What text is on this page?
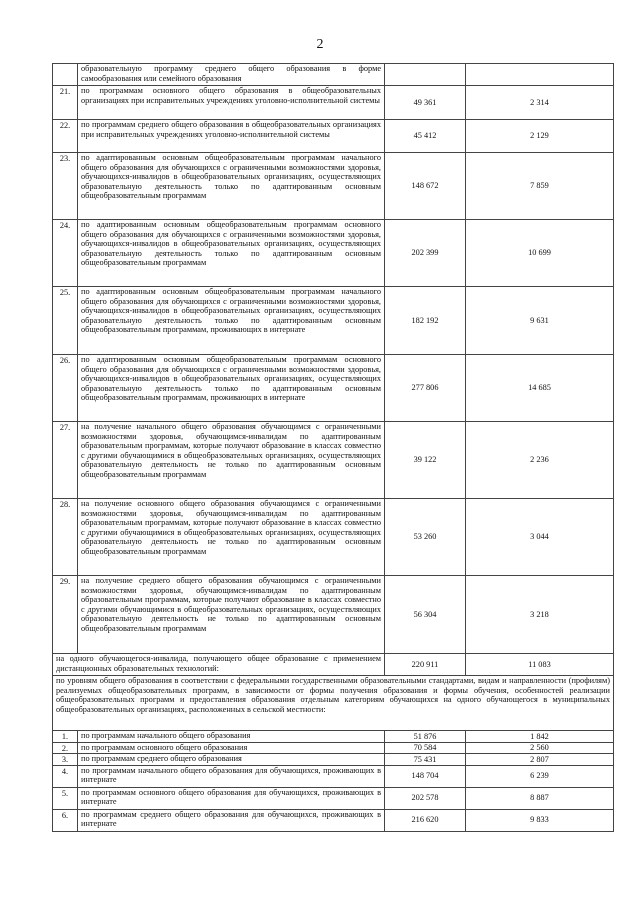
2
	образовательную программу среднего общего образования в форме самообразования или семейного образования		
21.	по программам основного общего образования в общеобразовательных организациях при исправительных учреждениях уголовно-исполнительной системы	49 361	2 314
22.	по программам среднего общего образования в общеобразовательных организациях при исправительных учреждениях уголовно-исполнительной системы	45 412	2 129
23.	по адаптированным основным общеобразовательным программам начального общего образования для обучающихся с ограниченными возможностями здоровья, обучающихся-инвалидов в общеобразовательных организациях, осуществляющих образовательную деятельность только по адаптированным основным общеобразовательным программам	148 672	7 859
24.	по адаптированным основным общеобразовательным программам основного общего образования для обучающихся с ограниченными возможностями здоровья, обучающихся-инвалидов в общеобразовательных организациях, осуществляющих образовательную деятельность только по адаптированным основным общеобразовательным программам	202 399	10 699
25.	по адаптированным основным общеобразовательным программам начального общего образования для обучающихся с ограниченными возможностями здоровья, обучающихся-инвалидов в общеобразовательных организациях, осуществляющих образовательную деятельность только по адаптированным основным общеобразовательным программам, проживающих в интернате	182 192	9 631
26.	по адаптированным основным общеобразовательным программам основного общего образования для обучающихся с ограниченными возможностями здоровья, обучающихся-инвалидов в общеобразовательных организациях, осуществляющих образовательную деятельность только по адаптированным основным общеобразовательным программам, проживающих в интернате	277 806	14 685
27.	на получение начального общего образования обучающимся с ограниченными возможностями здоровья, обучающимся-инвалидам по адаптированным образовательным программам, которые получают образование в классах совместно с другими обучающимися в общеобразовательных организациях, осуществляющих образовательную деятельность не только по адаптированным основным общеобразовательным программам	39 122	2 236
28.	на получение основного общего образования обучающимся с ограниченными возможностями здоровья, обучающимся-инвалидам по адаптированным образовательным программам, которые получают образование в классах совместно с другими обучающимися в общеобразовательных организациях, осуществляющих образовательную деятельность не только по адаптированным основным общеобразовательным программам	53 260	3 044
29.	на получение среднего общего образования обучающимся с ограниченными возможностями здоровья, обучающимся-инвалидам по адаптированным образовательным программам, которые получают образование в классах совместно с другими обучающимися в общеобразовательных организациях, осуществляющих образовательную деятельность не только по адаптированным основным общеобразовательным программам	56 304	3 218
на одного обучающегося-инвалида, получающего общее образование с применением дистанционных образовательных технологий:		220 911	11 083
по уровням общего образования в соответствии с федеральными государственными образовательными стандартами, видам и направленности (профилям) реализуемых общеобразовательных программ, в зависимости от формы получения образования и формы обучения, особенностей реализации общеобразовательных программ и предоставления образования отдельным категориям обучающихся на одного обучающегося в муниципальных общеобразовательных организациях, расположенных в сельской местности:			
1.	по программам начального общего образования	51 876	1 842
2.	по программам основного общего образования	70 584	2 560
3.	по программам среднего общего образования	75 431	2 807
4.	по программам начального общего образования для обучающихся, проживающих в интернате	148 704	6 239
5.	по программам основного общего образования для обучающихся, проживающих в интернате	202 578	8 887
6.	по программам среднего общего образования для обучающихся, проживающих в интернате	216 620	9 833
